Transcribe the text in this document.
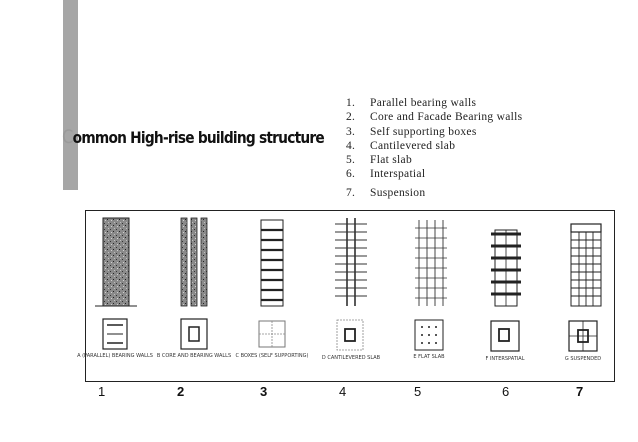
Common High-rise building structure
1. Parallel bearing walls
2. Core and Facade Bearing walls
3. Self supporting boxes
4. Cantilevered slab
5. Flat slab
6. Interspatial
7. Suspension
A (PARALLEL) BEARING WALLS B CORE AND BEARING WALLS C BOXES (SELF SUPPORTING)	D CANTILEVERED SLAB	E FLAT SLAB	F INTERSPATIAL	G SUSPENDED
1	2	3	4	5	6	7
